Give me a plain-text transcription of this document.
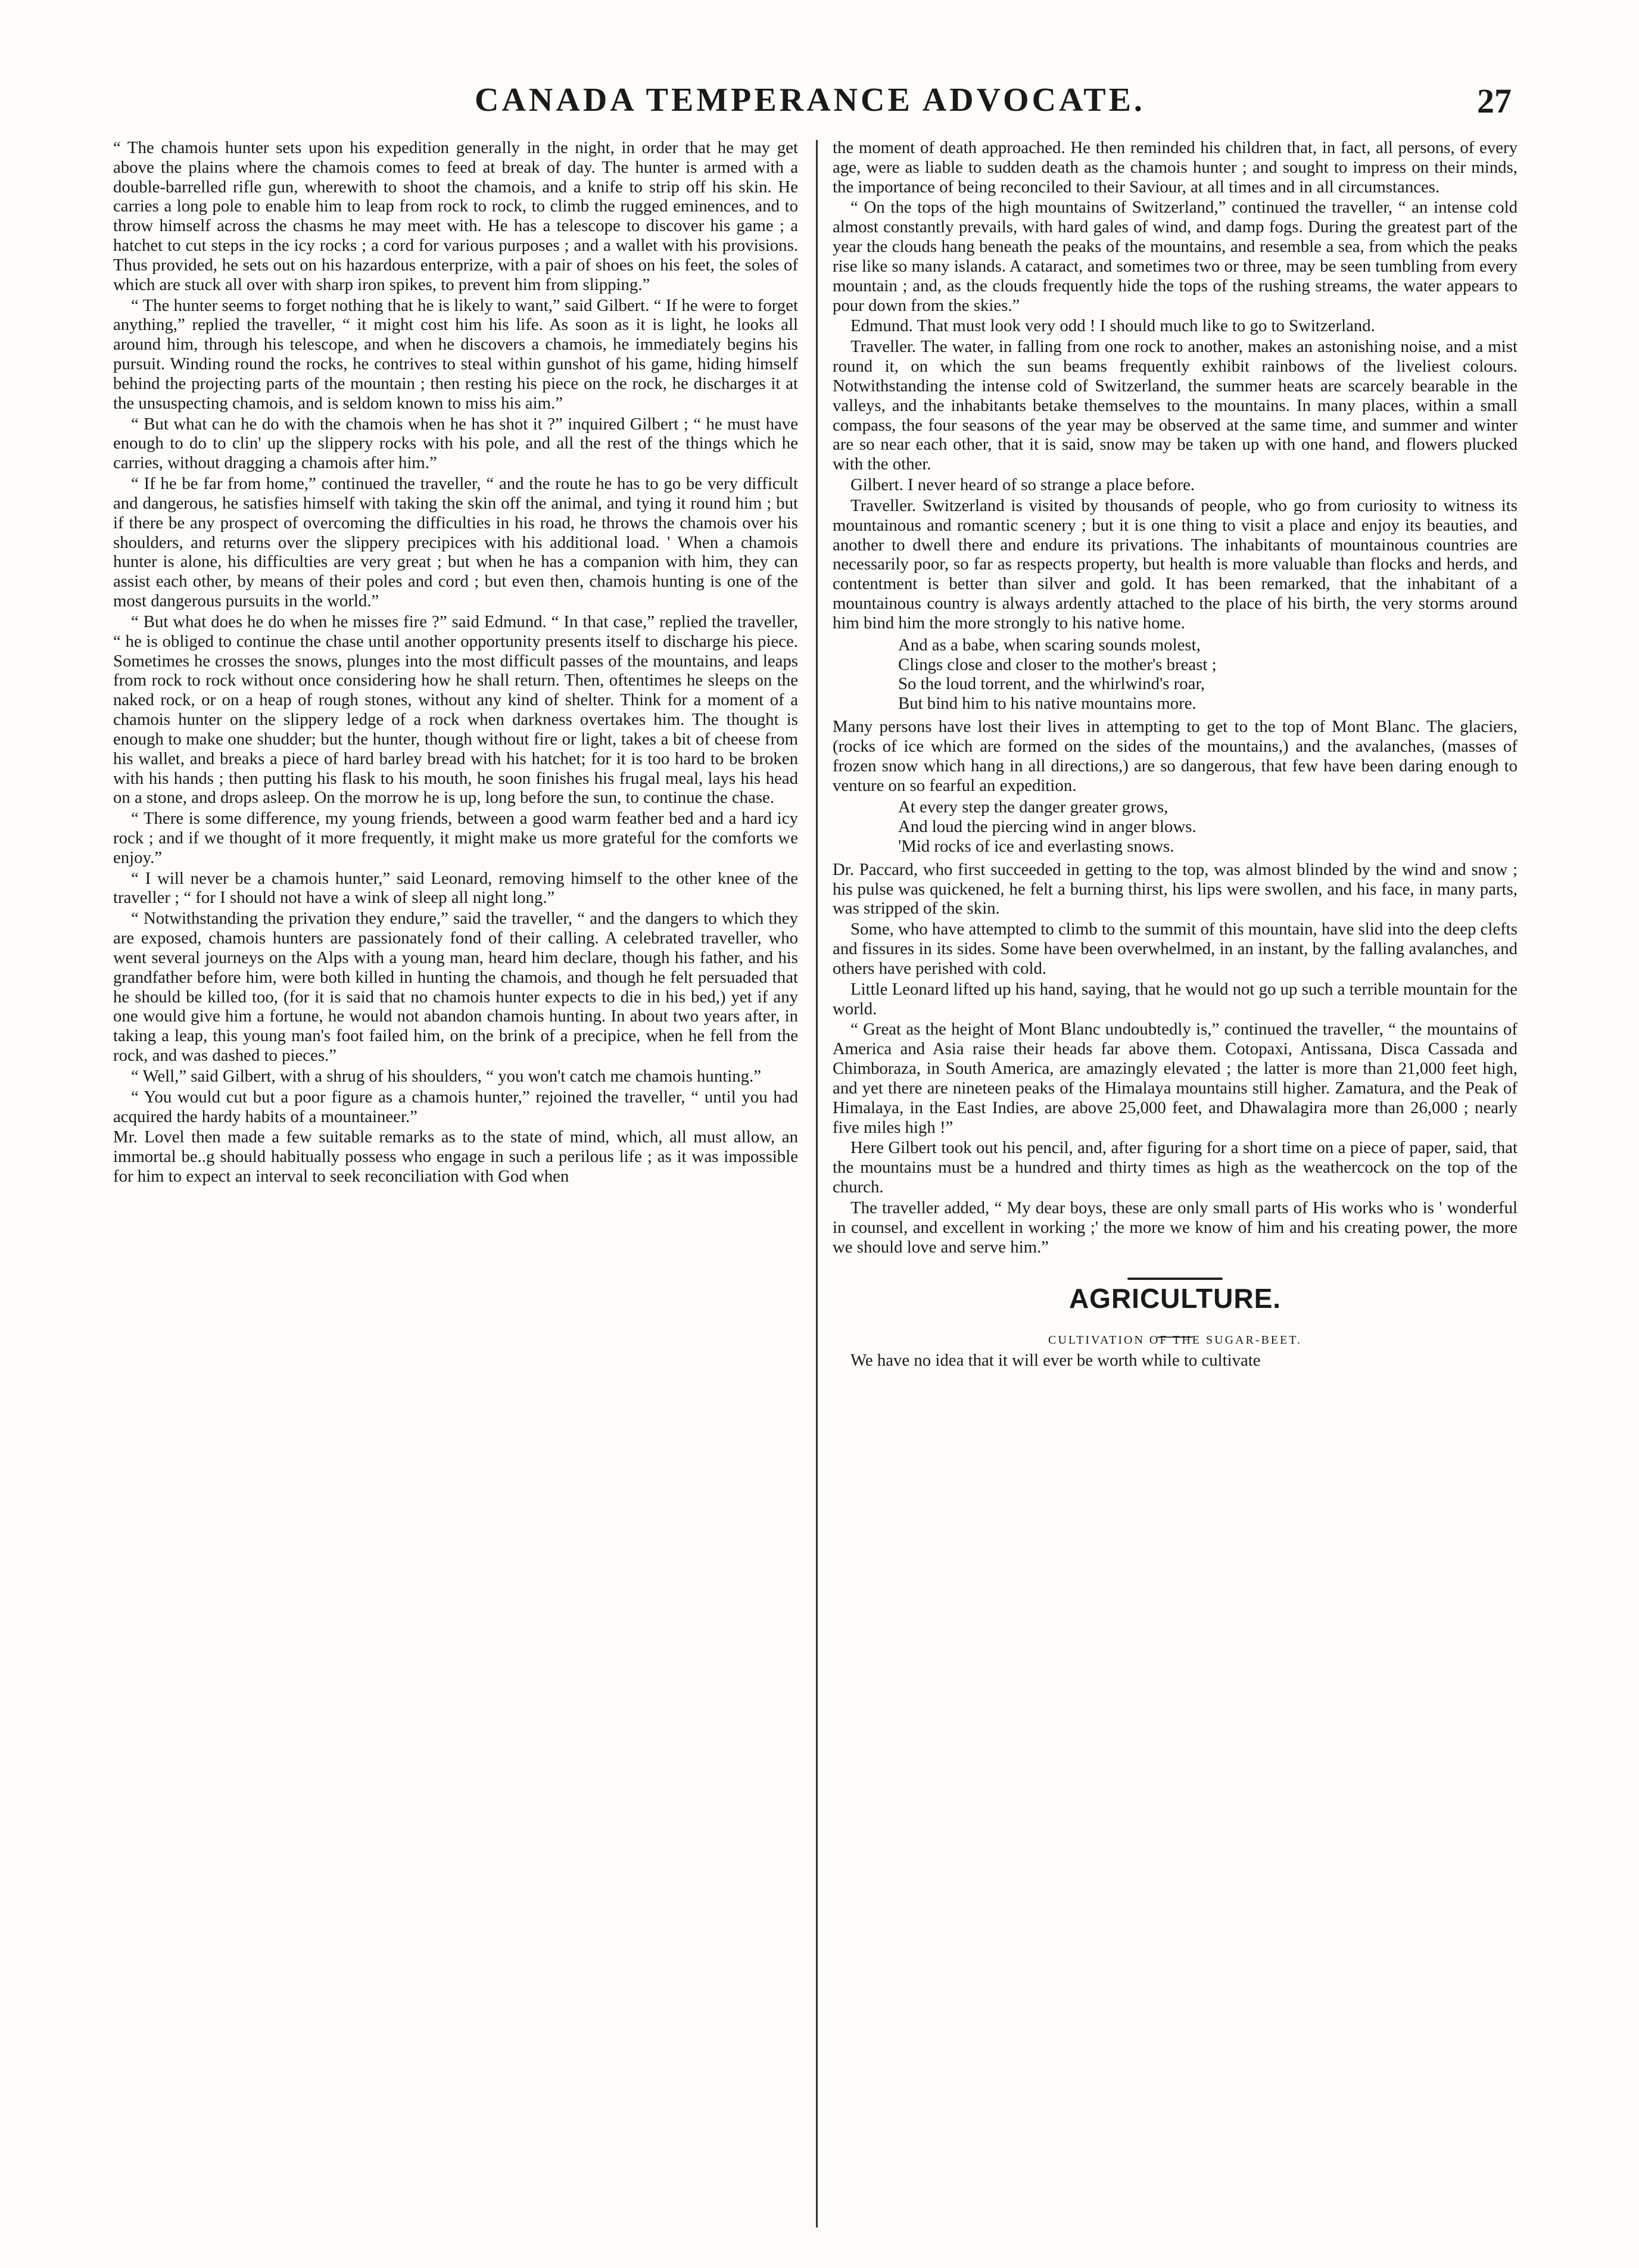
CANADA TEMPERANCE ADVOCATE.	27

“ The chamois hunter sets upon his expedition generally in the night, in order that he may get above the plains where the chamois comes to feed at break of day. The hunter is armed with a double-barrelled rifle gun, wherewith to shoot the chamois, and a knife to strip off his skin. He carries a long pole to enable him to leap from rock to rock, to climb the rugged eminences, and to throw himself across the chasms he may meet with. He has a telescope to discover his game ; a hatchet to cut steps in the icy rocks ; a cord for various purposes ; and a wallet with his provisions. Thus provided, he sets out on his hazardous enterprize, with a pair of shoes on his feet, the soles of which are stuck all over with sharp iron spikes, to prevent him from slipping.”

“ The hunter seems to forget nothing that he is likely to want,” said Gilbert. “ If he were to forget anything,” replied the traveller, “ it might cost him his life. As soon as it is light, he looks all around him, through his telescope, and when he discovers a chamois, he immediately begins his pursuit. Winding round the rocks, he contrives to steal within gunshot of his game, hiding himself behind the projecting parts of the mountain ; then resting his piece on the rock, he discharges it at the unsuspecting chamois, and is seldom known to miss his aim.”

“ But what can he do with the chamois when he has shot it ?” inquired Gilbert ; “ he must have enough to do to clin' up the slippery rocks with his pole, and all the rest of the things which he carries, without dragging a chamois after him.”

“ If he be far from home,” continued the traveller, “ and the route he has to go be very difficult and dangerous, he satisfies himself with taking the skin off the animal, and tying it round him ; but if there be any prospect of overcoming the difficulties in his road, he throws the chamois over his shoulders, and returns over the slippery precipices with his additional load. ' When a chamois hunter is alone, his difficulties are very great ; but when he has a companion with him, they can assist each other, by means of their poles and cord ; but even then, chamois hunting is one of the most dangerous pursuits in the world.”

“ But what does he do when he misses fire ?” said Edmund. “ In that case,” replied the traveller, “ he is obliged to continue the chase until another opportunity presents itself to discharge his piece. Sometimes he crosses the snows, plunges into the most difficult passes of the mountains, and leaps from rock to rock without once considering how he shall return. Then, oftentimes he sleeps on the naked rock, or on a heap of rough stones, without any kind of shelter. Think for a moment of a chamois hunter on the slippery ledge of a rock when darkness overtakes him. The thought is enough to make one shudder; but the hunter, though without fire or light, takes a bit of cheese from his wallet, and breaks a piece of hard barley bread with his hatchet; for it is too hard to be broken with his hands ; then putting his flask to his mouth, he soon finishes his frugal meal, lays his head on a stone, and drops asleep. On the morrow he is up, long before the sun, to continue the chase.

“ There is some difference, my young friends, between a good warm feather bed and a hard icy rock ; and if we thought of it more frequently, it might make us more grateful for the comforts we enjoy.”

“ I will never be a chamois hunter,” said Leonard, removing himself to the other knee of the traveller ; “ for I should not have a wink of sleep all night long.”

“ Notwithstanding the privation they endure,” said the traveller, “ and the dangers to which they are exposed, chamois hunters are passionately fond of their calling. A celebrated traveller, who went several journeys on the Alps with a young man, heard him declare, though his father, and his grandfather before him, were both killed in hunting the chamois, and though he felt persuaded that he should be killed too, (for it is said that no chamois hunter expects to die in his bed,) yet if any one would give him a fortune, he would not abandon chamois hunting. In about two years after, in taking a leap, this young man's foot failed him, on the brink of a precipice, when he fell from the rock, and was dashed to pieces.”

“ Well,” said Gilbert, with a shrug of his shoulders, “ you won't catch me chamois hunting.”

“ You would cut but a poor figure as a chamois hunter,” rejoined the traveller, “ until you had acquired the hardy habits of a mountaineer.”

Mr. Lovel then made a few suitable remarks as to the state of mind, which, all must allow, an immortal be..g should habitually possess who engage in such a perilous life ; as it was impossible for him to expect an interval to seek reconciliation with God when

the moment of death approached. He then reminded his children that, in fact, all persons, of every age, were as liable to sudden death as the chamois hunter ; and sought to impress on their minds, the importance of being reconciled to their Saviour, at all times and in all circumstances.

“ On the tops of the high mountains of Switzerland,” continued the traveller, “ an intense cold almost constantly prevails, with hard gales of wind, and damp fogs. During the greatest part of the year the clouds hang beneath the peaks of the mountains, and resemble a sea, from which the peaks rise like so many islands. A cataract, and sometimes two or three, may be seen tumbling from every mountain ; and, as the clouds frequently hide the tops of the rushing streams, the water appears to pour down from the skies.”

Edmund. That must look very odd ! I should much like to go to Switzerland.

Traveller. The water, in falling from one rock to another, makes an astonishing noise, and a mist round it, on which the sun beams frequently exhibit rainbows of the liveliest colours. Notwithstanding the intense cold of Switzerland, the summer heats are scarcely bearable in the valleys, and the inhabitants betake themselves to the mountains. In many places, within a small compass, the four seasons of the year may be observed at the same time, and summer and winter are so near each other, that it is said, snow may be taken up with one hand, and flowers plucked with the other.

Gilbert. I never heard of so strange a place before.

Traveller. Switzerland is visited by thousands of people, who go from curiosity to witness its mountainous and romantic scenery ; but it is one thing to visit a place and enjoy its beauties, and another to dwell there and endure its privations. The inhabitants of mountainous countries are necessarily poor, so far as respects property, but health is more valuable than flocks and herds, and contentment is better than silver and gold. It has been remarked, that the inhabitant of a mountainous country is always ardently attached to the place of his birth, the very storms around him bind him the more strongly to his native home.

And as a babe, when scaring sounds molest,

Clings close and closer to the mother's breast ;

So the loud torrent, and the whirlwind's roar,

But bind him to his native mountains more.

Many persons have lost their lives in attempting to get to the top of Mont Blanc. The glaciers, (rocks of ice which are formed on the sides of the mountains,) and the avalanches, (masses of frozen snow which hang in all directions,) are so dangerous, that few have been daring enough to venture on so fearful an expedition.

At every step the danger greater grows,

And loud the piercing wind in anger blows.

'Mid rocks of ice and everlasting snows.

Dr. Paccard, who first succeeded in getting to the top, was almost blinded by the wind and snow ; his pulse was quickened, he felt a burning thirst, his lips were swollen, and his face, in many parts, was stripped of the skin.

Some, who have attempted to climb to the summit of this mountain, have slid into the deep clefts and fissures in its sides. Some have been overwhelmed, in an instant, by the falling avalanches, and others have perished with cold.

Little Leonard lifted up his hand, saying, that he would not go up such a terrible mountain for the world.

“ Great as the height of Mont Blanc undoubtedly is,” continued the traveller, “ the mountains of America and Asia raise their heads far above them. Cotopaxi, Antissana, Disca Cassada and Chimboraza, in South America, are amazingly elevated ; the latter is more than 21,000 feet high, and yet there are nineteen peaks of the Himalaya mountains still higher. Zamatura, and the Peak of Himalaya, in the East Indies, are above 25,000 feet, and Dhawalagira more than 26,000 ; nearly five miles high !”

Here Gilbert took out his pencil, and, after figuring for a short time on a piece of paper, said, that the mountains must be a hundred and thirty times as high as the weathercock on the top of the church.

The traveller added, “ My dear boys, these are only small parts of His works who is ' wonderful in counsel, and excellent in working ;' the more we know of him and his creating power, the more we should love and serve him.”

AGRICULTURE.
CULTIVATION OF THE SUGAR-BEET.

We have no idea that it will ever be worth while to cultivate
